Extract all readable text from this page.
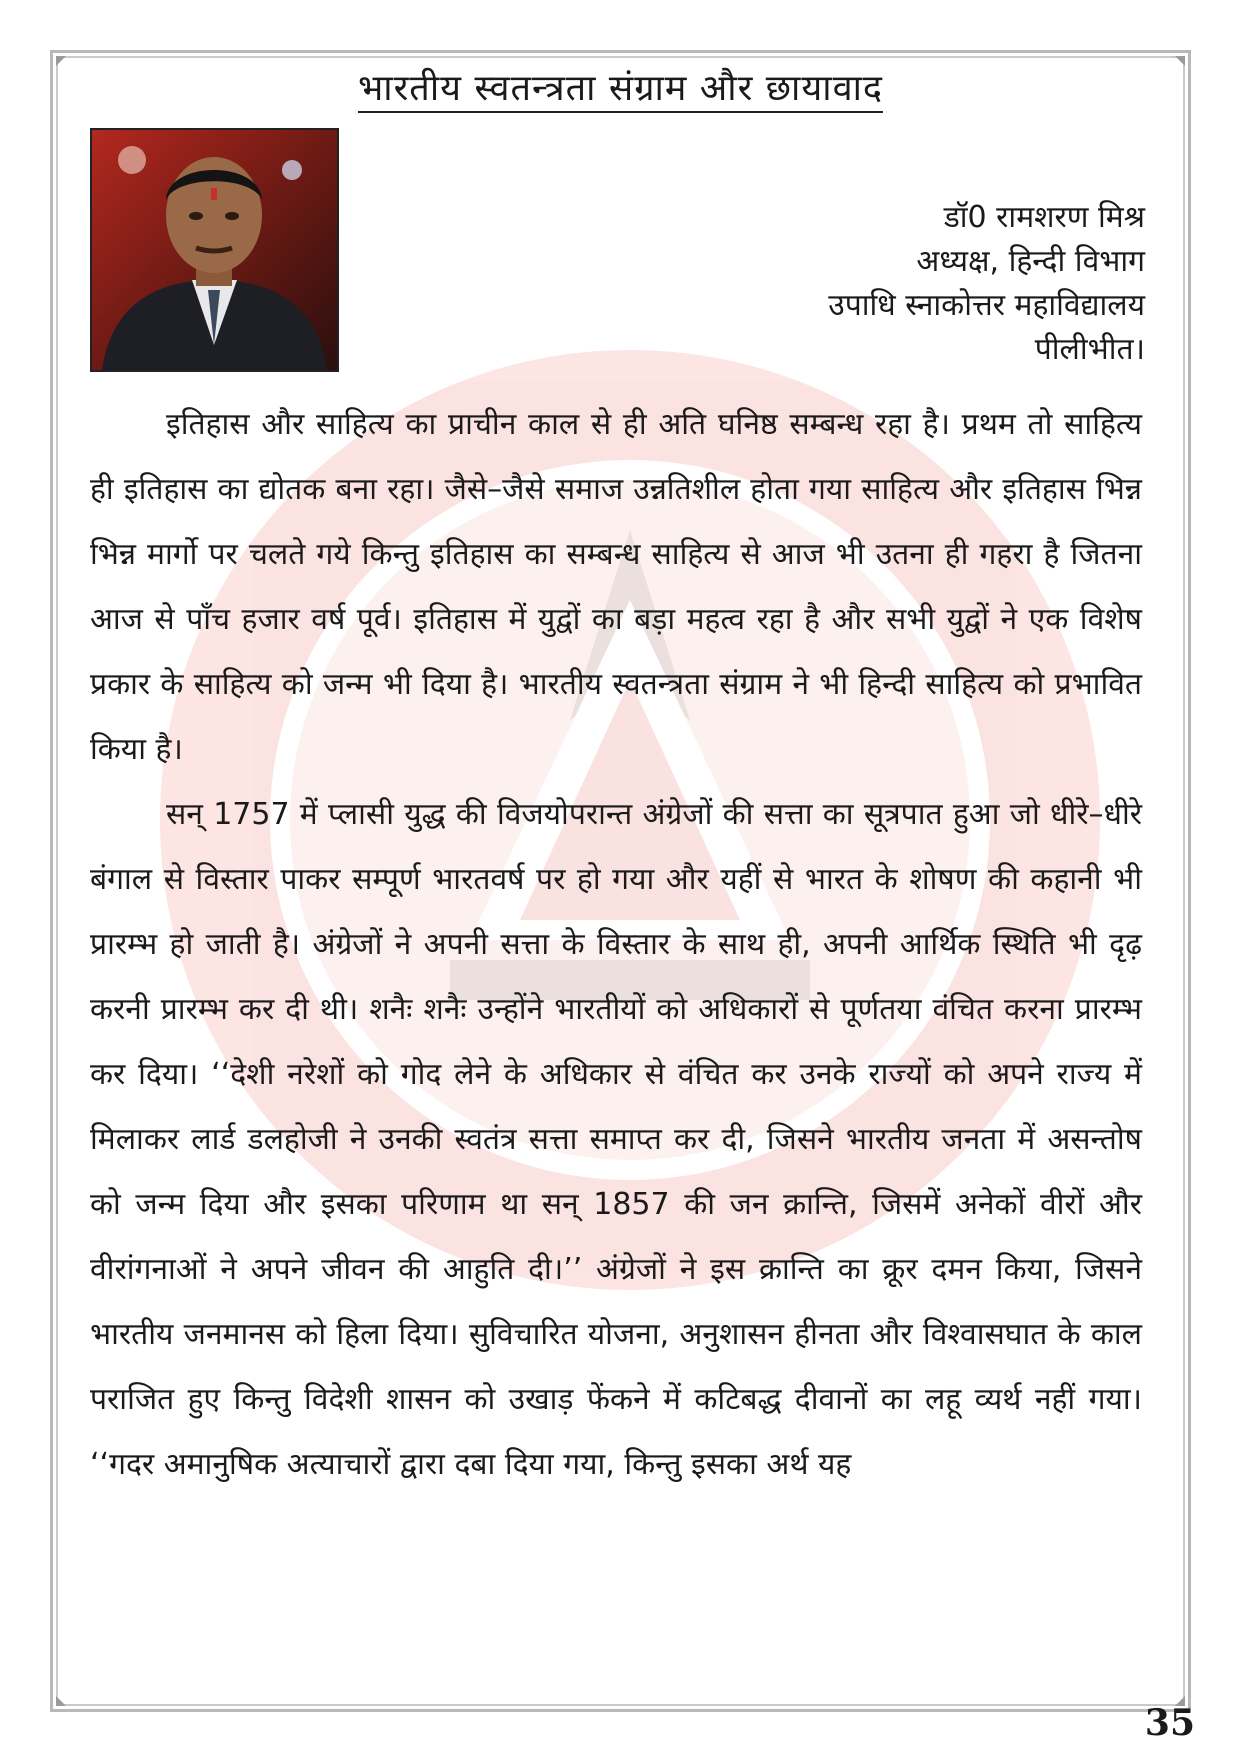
भारतीय स्वतन्त्रता संग्राम और छायावाद
डॉ0 रामशरण मिश्र
अध्यक्ष, हिन्दी विभाग
उपाधि स्नाकोत्तर महाविद्यालय
पीलीभीत।

इतिहास और साहित्य का प्राचीन काल से ही अति घनिष्ठ सम्बन्ध रहा है। प्रथम तो साहित्य ही इतिहास का द्योतक बना रहा। जैसे–जैसे समाज उन्नतिशील होता गया साहित्य और इतिहास भिन्न भिन्न मार्गो पर चलते गये किन्तु इतिहास का सम्बन्ध साहित्य से आज भी उतना ही गहरा है जितना आज से पाँच हजार वर्ष पूर्व। इतिहास में युद्वों का बड़ा महत्व रहा है और सभी युद्वों ने एक विशेष प्रकार के साहित्य को जन्म भी दिया है। भारतीय स्वतन्त्रता संग्राम ने भी हिन्दी साहित्य को प्रभावित किया है।

सन् 1757 में प्लासी युद्ध की विजयोपरान्त अंग्रेजों की सत्ता का सूत्रपात हुआ जो धीरे–धीरे बंगाल से विस्तार पाकर सम्पूर्ण भारतवर्ष पर हो गया और यहीं से भारत के शोषण की कहानी भी प्रारम्भ हो जाती है। अंग्रेजों ने अपनी सत्ता के विस्तार के साथ ही, अपनी आर्थिक स्थिति भी दृढ़ करनी प्रारम्भ कर दी थी। शनैः शनैः उन्होंने भारतीयों को अधिकारों से पूर्णतया वंचित करना प्रारम्भ कर दिया। ‘‘देशी नरेशों को गोद लेने के अधिकार से वंचित कर उनके राज्यों को अपने राज्य में मिलाकर लार्ड डलहोजी ने उनकी स्वतंत्र सत्ता समाप्त कर दी, जिसने भारतीय जनता में असन्तोष को जन्म दिया और इसका परिणाम था सन् 1857 की जन क्रान्ति, जिसमें अनेकों वीरों और वीरांगनाओं ने अपने जीवन की आहुति दी।’’ अंग्रेजों ने इस क्रान्ति का क्रूर दमन किया, जिसने भारतीय जनमानस को हिला दिया। सुविचारित योजना, अनुशासन हीनता और विश्वासघात के काल पराजित हुए किन्तु विदेशी शासन को उखाड़ फेंकने में कटिबद्ध दीवानों का लहू व्यर्थ नहीं गया। ‘‘गदर अमानुषिक अत्याचारों द्वारा दबा दिया गया, किन्तु इसका अर्थ यह

35
